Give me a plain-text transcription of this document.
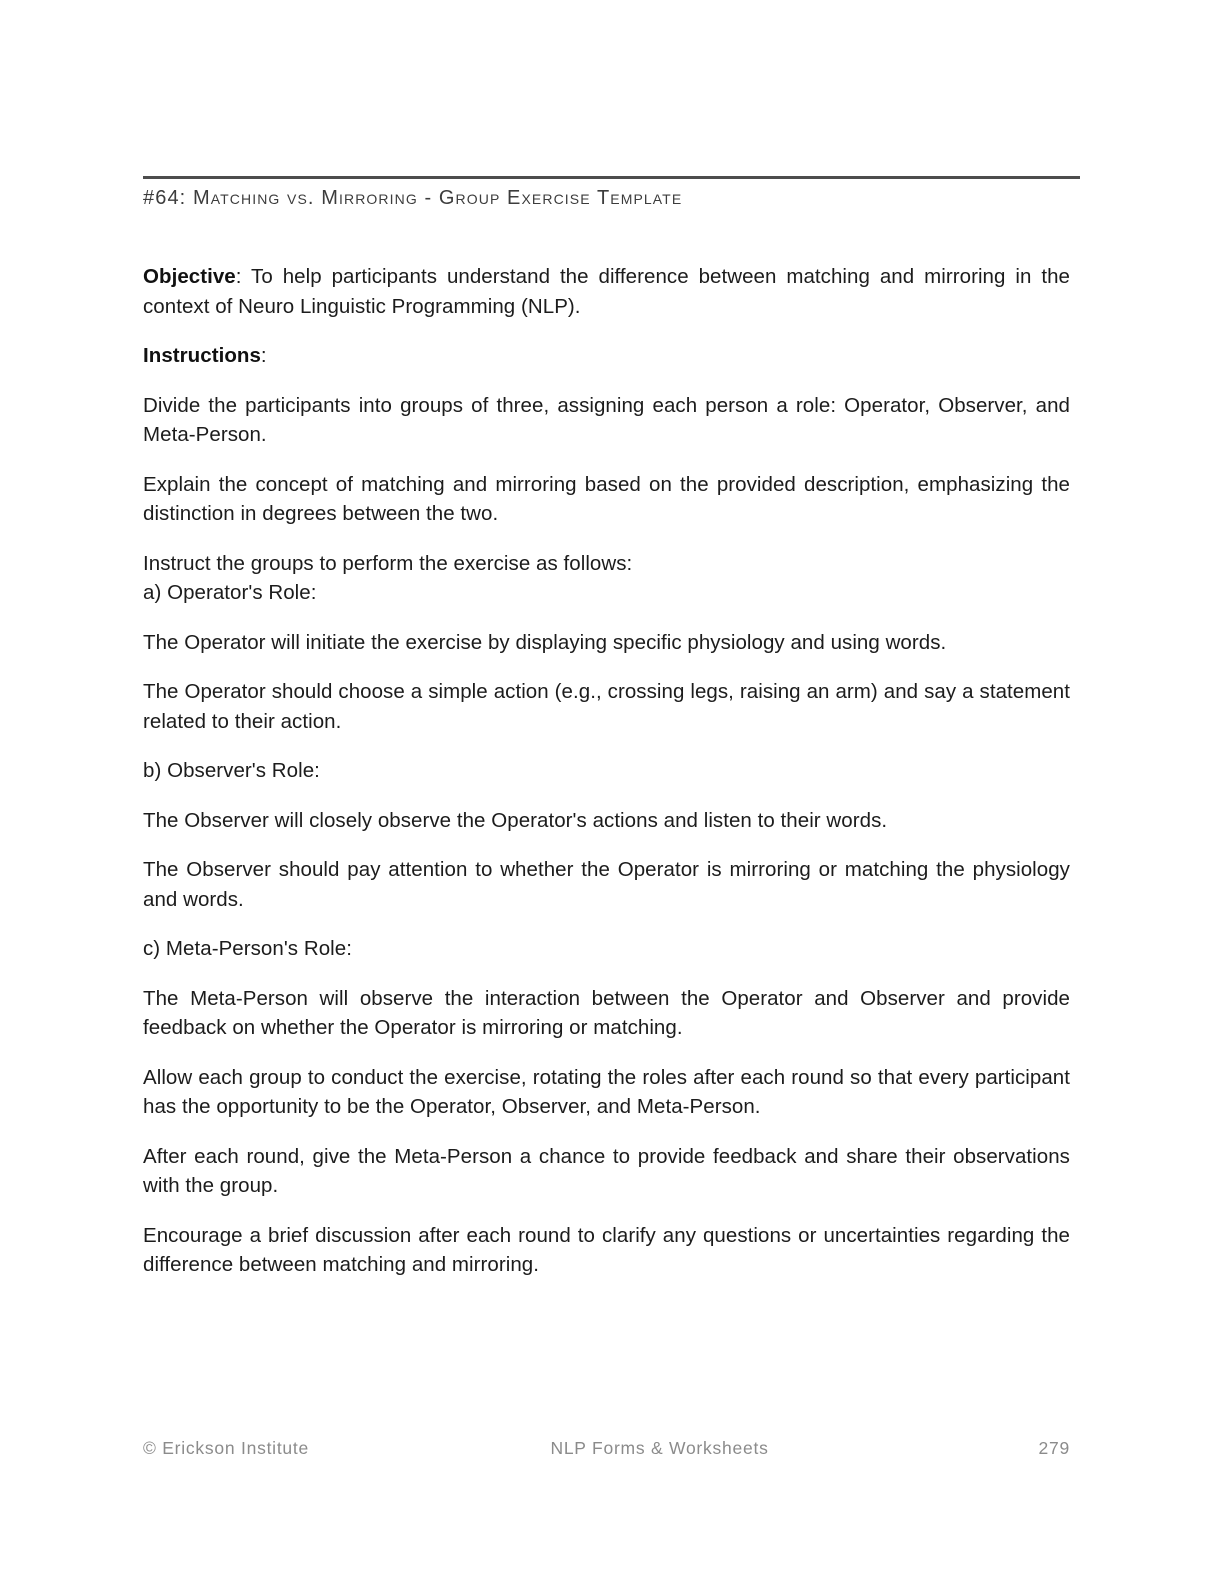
#64: Matching vs. Mirroring - Group Exercise Template

Objective: To help participants understand the difference between matching and mirroring in the context of Neuro Linguistic Programming (NLP).

Instructions:

Divide the participants into groups of three, assigning each person a role: Operator, Observer, and Meta-Person.

Explain the concept of matching and mirroring based on the provided description, emphasizing the distinction in degrees between the two.

Instruct the groups to perform the exercise as follows:
a) Operator's Role:

The Operator will initiate the exercise by displaying specific physiology and using words.

The Operator should choose a simple action (e.g., crossing legs, raising an arm) and say a statement related to their action.

b) Observer's Role:

The Observer will closely observe the Operator's actions and listen to their words.

The Observer should pay attention to whether the Operator is mirroring or matching the physiology and words.

c) Meta-Person's Role:

The Meta-Person will observe the interaction between the Operator and Observer and provide feedback on whether the Operator is mirroring or matching.

Allow each group to conduct the exercise, rotating the roles after each round so that every participant has the opportunity to be the Operator, Observer, and Meta-Person.

After each round, give the Meta-Person a chance to provide feedback and share their observations with the group.

Encourage a brief discussion after each round to clarify any questions or uncertainties regarding the difference between matching and mirroring.

© Erickson Institute	NLP Forms & Worksheets	279
